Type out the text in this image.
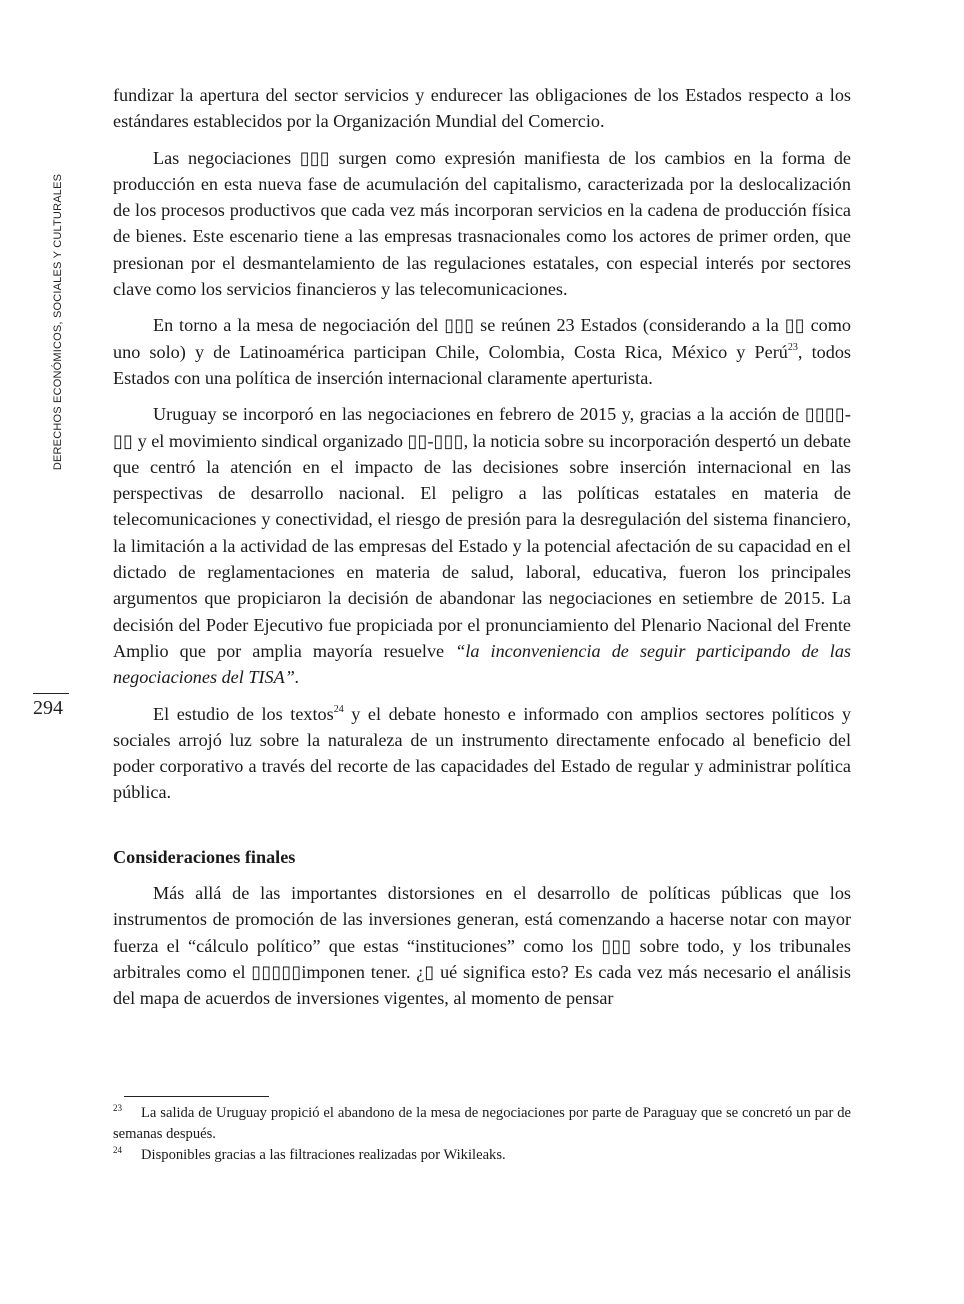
DERECHOS ECONÓMICOS, SOCIALES Y CULTURALES
294

fundizar la apertura del sector servicios y endurecer las obligaciones de los Estados respecto a los estándares establecidos por la Organización Mundial del Comercio.

Las negociaciones ▯▯▯ surgen como expresión manifiesta de los cambios en la forma de producción en esta nueva fase de acumulación del capitalismo, caracterizada por la deslocalización de los procesos productivos que cada vez más incorporan servicios en la cadena de producción física de bienes. Este escenario tiene a las empresas trasnacionales como los actores de primer orden, que presionan por el desmantelamiento de las regulaciones estatales, con especial interés por sectores clave como los servicios financieros y las telecomunicaciones.

En torno a la mesa de negociación del ▯▯▯ se reúnen 23 Estados (considerando a la ▯▯ como uno solo) y de Latinoamérica participan Chile, Colombia, Costa Rica, México y Perú$^{23}$, todos Estados con una política de inserción internacional claramente aperturista.

Uruguay se incorporó en las negociaciones en febrero de 2015 y, gracias a la acción de ▯▯▯▯-▯▯ y el movimiento sindical organizado ▯▯-▯▯▯, la noticia sobre su incorporación despertó un debate que centró la atención en el impacto de las decisiones sobre inserción internacional en las perspectivas de desarrollo nacional. El peligro a las políticas estatales en materia de telecomunicaciones y conectividad, el riesgo de presión para la desregulación del sistema financiero, la limitación a la actividad de las empresas del Estado y la potencial afectación de su capacidad en el dictado de reglamentaciones en materia de salud, laboral, educativa, fueron los principales argumentos que propiciaron la decisión de abandonar las negociaciones en setiembre de 2015. La decisión del Poder Ejecutivo fue propiciada por el pronunciamiento del Plenario Nacional del Frente Amplio que por amplia mayoría resuelve “la inconveniencia de seguir participando de las negociaciones del TISA”.

El estudio de los textos$^{24}$ y el debate honesto e informado con amplios sectores políticos y sociales arrojó luz sobre la naturaleza de un instrumento directamente enfocado al beneficio del poder corporativo a través del recorte de las capacidades del Estado de regular y administrar política pública.

Consideraciones finales

Más allá de las importantes distorsiones en el desarrollo de políticas públicas que los instrumentos de promoción de las inversiones generan, está comenzando a hacerse notar con mayor fuerza el “cálculo político” que estas “instituciones” como los ▯▯▯ sobre todo, y los tribunales arbitrales como el ▯▯▯▯▯imponen tener. ¿▯ ué significa esto? Es cada vez más necesario el análisis del mapa de acuerdos de inversiones vigentes, al momento de pensar

23 La salida de Uruguay propició el abandono de la mesa de negociaciones por parte de Paraguay que se concretó un par de semanas después.

24 Disponibles gracias a las filtraciones realizadas por Wikileaks.
